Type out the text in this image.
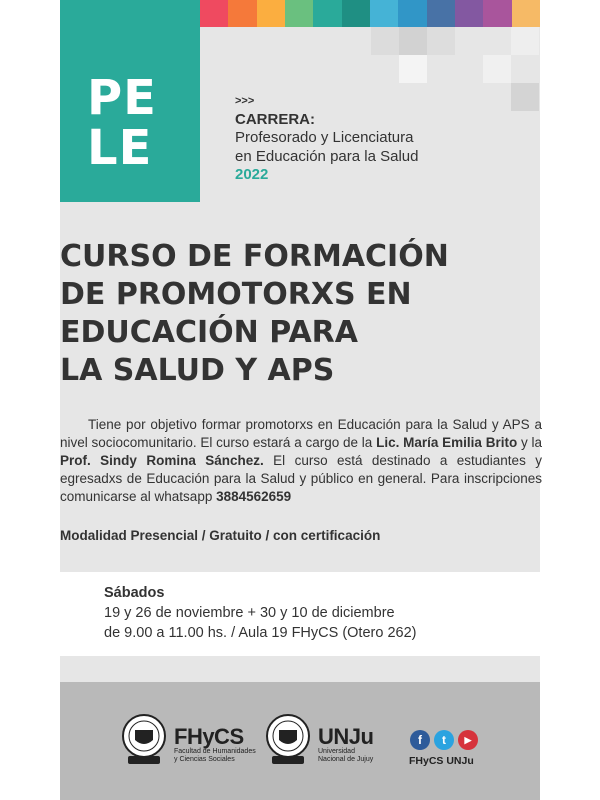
PE
LE
>>>
CARRERA:
Profesorado y Licenciatura
en Educación para la Salud
2022
CURSO DE FORMACIÓN
DE PROMOTORXS EN
EDUCACIÓN PARA
LA SALUD Y APS

Tiene por objetivo formar promotorxs en Educación para la Salud y APS a nivel sociocomunitario. El curso estará a cargo de la Lic. María Emilia Brito y la Prof. Sindy Romina Sánchez. El curso está destinado a estudiantes y egresadxs de Educación para la Salud y público en general. Para inscripciones comunicarse al whatsapp 3884562659

Modalidad Presencial / Gratuito / con certificación
Sábados
19 y 26 de noviembre + 30 y 10 de diciembre
de 9.00 a 11.00 hs. / Aula 19 FHyCS (Otero 262)
FHyCS
Facultad de Humanidades
y Ciencias Sociales
UNJu
Universidad
Nacional de Jujuy
f	t	▶
FHyCS UNJu
